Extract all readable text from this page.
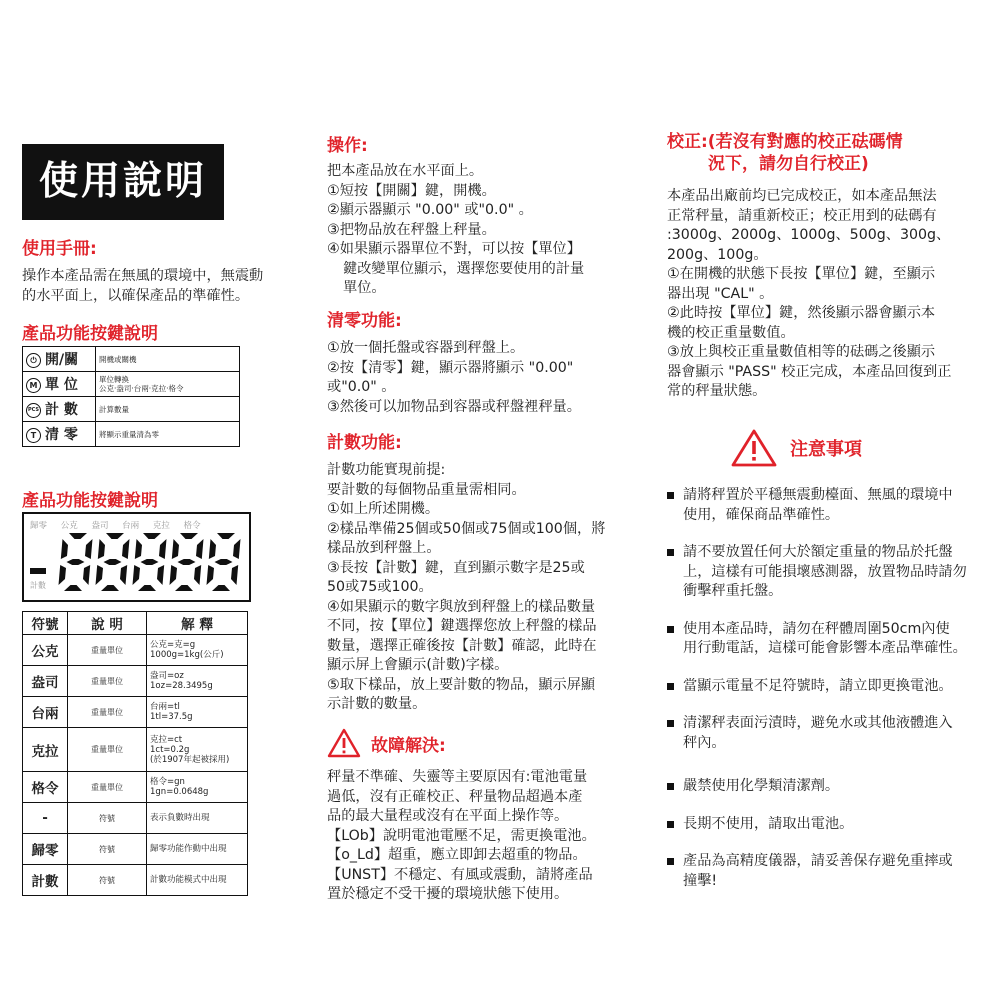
使用說明

使用手冊:

操作本產品需在無風的環境中，無震動
的水平面上，以確保產品的準確性。

產品功能按鍵說明

⏻ 開/關	開機或關機

M 單 位	單位轉換
公克·盎司·台兩·克拉·格令

PCS 計 數	計算數量

T 清 零	將顯示重量清為零

產品功能按鍵說明

歸零 公克 盎司 台兩 克拉 格令
計數
符號	說 明	解 釋
公克	重量單位	公克=克=g
1000g=1kg(公斤)

盎司	重量單位	盎司=oz
1oz=28.3495g

台兩	重量單位	台兩=tl
1tl=37.5g

克拉	重量單位	克拉=ct
1ct=0.2g
(於1907年起被採用)

格令	重量單位	格令=gn
1gn=0.0648g

-	符號	表示負數時出現

歸零	符號	歸零功能作動中出現

計數	符號	計數功能模式中出現

操作:

把本產品放在水平面上。
①短按【開關】鍵，開機。
②顯示器顯示 "0.00" 或"0.0" 。
③把物品放在秤盤上秤量。
④如果顯示器單位不對，可以按【單位】
鍵改變單位顯示，選擇您要使用的計量
單位。

清零功能:

①放一個托盤或容器到秤盤上。
②按【清零】鍵，顯示器將顯示 "0.00"
或"0.0" 。
③然後可以加物品到容器或秤盤裡秤量。

計數功能:

計數功能實現前提:
要計數的每個物品重量需相同。
①如上所述開機。
②樣品準備25個或50個或75個或100個，將
樣品放到秤盤上。
③長按【計數】鍵，直到顯示數字是25或
50或75或100。
④如果顯示的數字與放到秤盤上的樣品數量
不同，按【單位】鍵選擇您放上秤盤的樣品
數量，選擇正確後按【計數】確認，此時在
顯示屏上會顯示(計數)字樣。
⑤取下樣品，放上要計數的物品，顯示屏顯
示計數的數量。

故障解決:

秤量不準確、失靈等主要原因有:電池電量
過低，沒有正確校正、秤量物品超過本產
品的最大量程或沒有在平面上操作等。
【LOb】說明電池電壓不足，需更換電池。
【o_Ld】超重，應立即卸去超重的物品。
【UNST】不穩定、有風或震動，請將產品
置於穩定不受干擾的環境狀態下使用。

校正:(若沒有對應的校正砝碼情
況下，請勿自行校正)

本產品出廠前均已完成校正，如本產品無法
正常秤量，請重新校正；校正用到的砝碼有
:3000g、2000g、1000g、500g、300g、
200g、100g。
①在開機的狀態下長按【單位】鍵，至顯示
器出現 "CAL" 。
②此時按【單位】鍵，然後顯示器會顯示本
機的校正重量數值。
③放上與校正重量數值相等的砝碼之後顯示
器會顯示 "PASS" 校正完成，本產品回復到正
常的秤量狀態。

注意事項

請將秤置於平穩無震動檯面、無風的環境中
使用，確保商品準確性。
請不要放置任何大於額定重量的物品於托盤
上，這樣有可能損壞感測器，放置物品時請勿
衝擊秤重托盤。
使用本產品時，請勿在秤體周圍50cm內使
用行動電話，這樣可能會影響本產品準確性。
當顯示電量不足符號時，請立即更換電池。
清潔秤表面污漬時，避免水或其他液體進入
秤內。
嚴禁使用化學類清潔劑。
長期不使用，請取出電池。
產品為高精度儀器，請妥善保存避免重摔或
撞擊!
